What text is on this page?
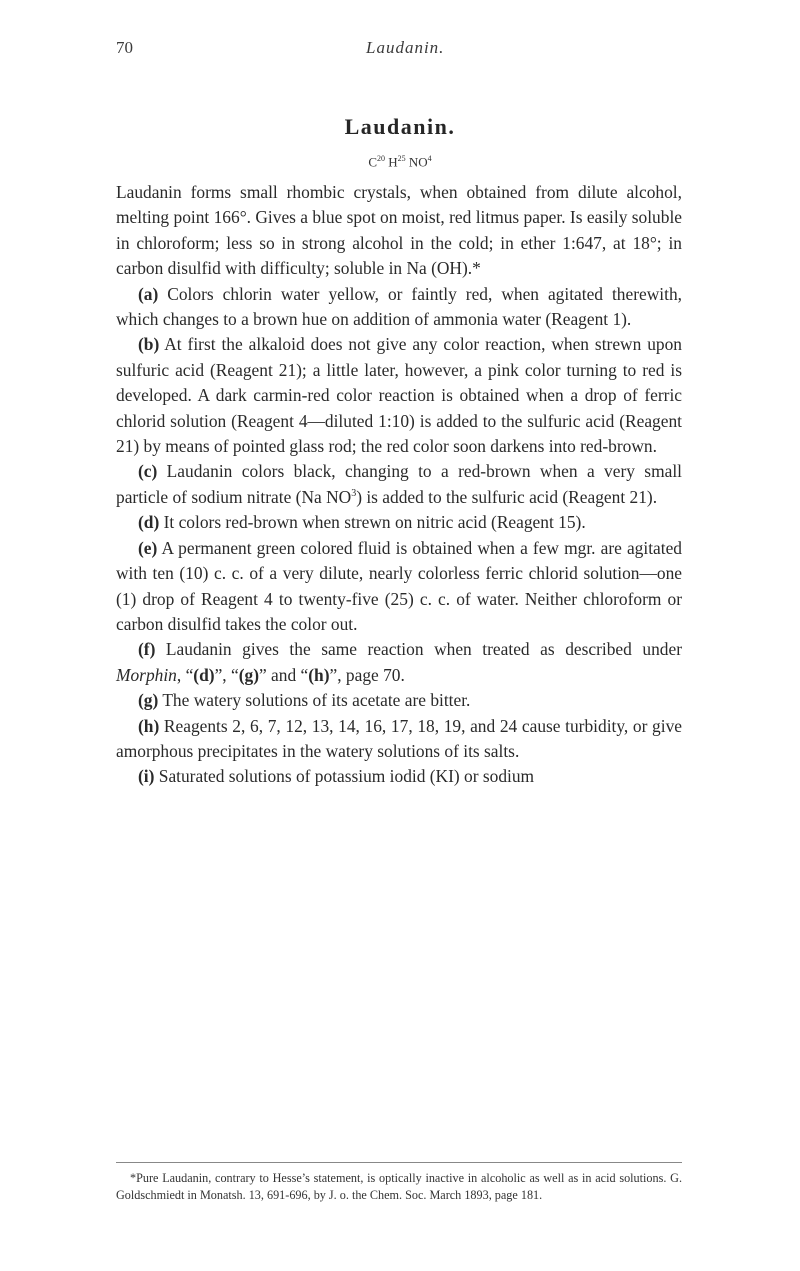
70	Laudanin.
Laudanin.
$C^{20}$ $H^{25}$ $NO^4$

Laudanin forms small rhombic crystals, when obtained from dilute alcohol, melting point 166°. Gives a blue spot on moist, red litmus paper. Is easily soluble in chloroform; less so in strong alcohol in the cold; in ether 1:647, at 18°; in carbon disulfid with difficulty; soluble in Na (OH).*

(a) Colors chlorin water yellow, or faintly red, when agitated therewith, which changes to a brown hue on addition of ammonia water (Reagent 1).

(b) At first the alkaloid does not give any color reaction, when strewn upon sulfuric acid (Reagent 21); a little later, however, a pink color turning to red is developed. A dark carmin-red color reaction is obtained when a drop of ferric chlorid solution (Reagent 4—diluted 1:10) is added to the sulfuric acid (Reagent 21) by means of pointed glass rod; the red color soon darkens into red-brown.

(c) Laudanin colors black, changing to a red-brown when a very small particle of sodium nitrate (Na $NO^3$) is added to the sulfuric acid (Reagent 21).

(d) It colors red-brown when strewn on nitric acid (Reagent 15).

(e) A permanent green colored fluid is obtained when a few mgr. are agitated with ten (10) c. c. of a very dilute, nearly colorless ferric chlorid solution—one (1) drop of Reagent 4 to twenty-five (25) c. c. of water. Neither chloroform or carbon disulfid takes the color out.

(f) Laudanin gives the same reaction when treated as described under Morphin, “(d)”, “(g)” and “(h)”, page 70.

(g) The watery solutions of its acetate are bitter.

(h) Reagents 2, 6, 7, 12, 13, 14, 16, 17, 18, 19, and 24 cause turbidity, or give amorphous precipitates in the watery solutions of its salts.

(i) Saturated solutions of potassium iodid (KI) or sodium

*Pure Laudanin, contrary to Hesse’s statement, is optically inactive in alcoholic as well as in acid solutions. G. Goldschmiedt in Monatsh. 13, 691-696, by J. o. the Chem. Soc. March 1893, page 181.
